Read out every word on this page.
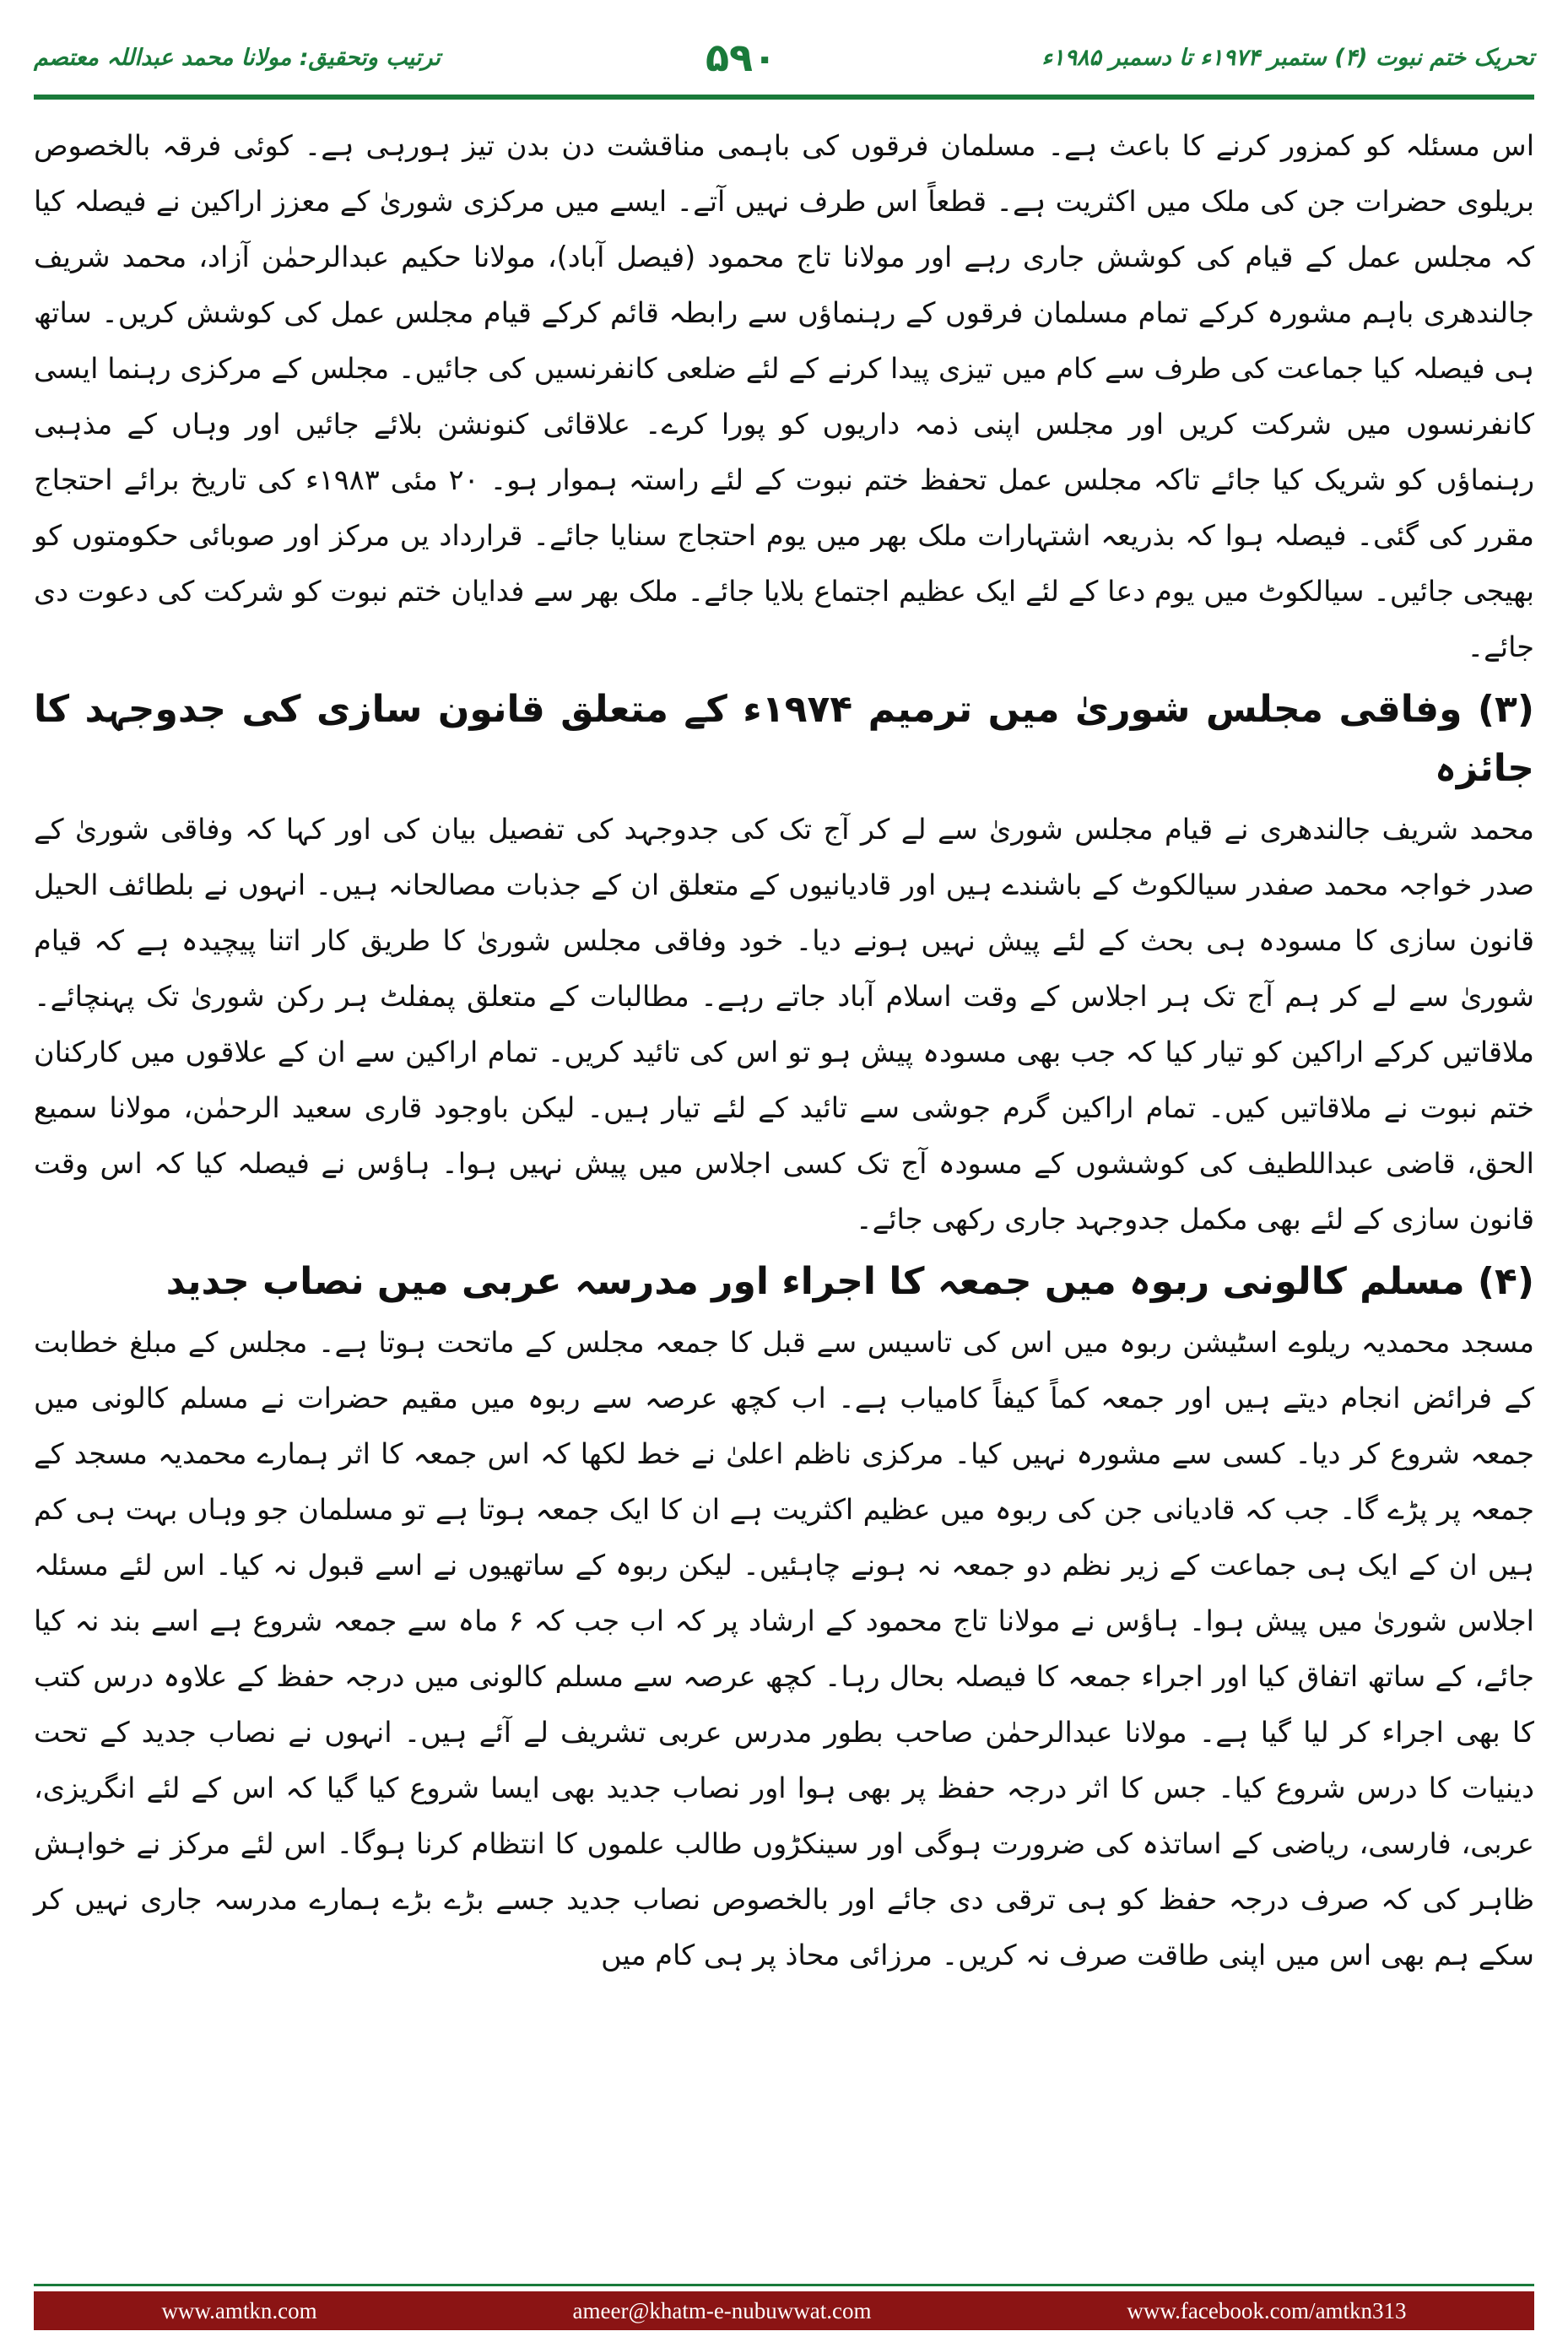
ترتیب وتحقیق: مولانا محمد عبداللہ معتصم	۵۹۰	تحریک ختم نبوت (۴) ستمبر ۱۹۷۴ء تا دسمبر ۱۹۸۵ء

اس مسئلہ کو کمزور کرنے کا باعث ہے۔ مسلمان فرقوں کی باہمی مناقشت دن بدن تیز ہورہی ہے۔ کوئی فرقہ بالخصوص بریلوی حضرات جن کی ملک میں اکثریت ہے۔ قطعاً اس طرف نہیں آتے۔ ایسے میں مرکزی شوریٰ کے معزز اراکین نے فیصلہ کیا کہ مجلس عمل کے قیام کی کوشش جاری رہے اور مولانا تاج محمود (فیصل آباد)، مولانا حکیم عبدالرحمٰن آزاد، محمد شریف جالندھری باہم مشورہ کرکے تمام مسلمان فرقوں کے رہنماؤں سے رابطہ قائم کرکے قیام مجلس عمل کی کوشش کریں۔ ساتھ ہی فیصلہ کیا جماعت کی طرف سے کام میں تیزی پیدا کرنے کے لئے ضلعی کانفرنسیں کی جائیں۔ مجلس کے مرکزی رہنما ایسی کانفرنسوں میں شرکت کریں اور مجلس اپنی ذمہ داریوں کو پورا کرے۔ علاقائی کنونشن بلائے جائیں اور وہاں کے مذہبی رہنماؤں کو شریک کیا جائے تاکہ مجلس عمل تحفظ ختم نبوت کے لئے راستہ ہموار ہو۔ ۲۰ مئی ۱۹۸۳ء کی تاریخ برائے احتجاج مقرر کی گئی۔ فیصلہ ہوا کہ بذریعہ اشتہارات ملک بھر میں یوم احتجاج سنایا جائے۔ قرارداد یں مرکز اور صوبائی حکومتوں کو بھیجی جائیں۔ سیالکوٹ میں یوم دعا کے لئے ایک عظیم اجتماع بلایا جائے۔ ملک بھر سے فدایان ختم نبوت کو شرکت کی دعوت دی جائے۔

(۳) وفاقی مجلس شوریٰ میں ترمیم ۱۹۷۴ء کے متعلق قانون سازی کی جدوجہد کا جائزہ

محمد شریف جالندھری نے قیام مجلس شوریٰ سے لے کر آج تک کی جدوجہد کی تفصیل بیان کی اور کہا کہ وفاقی شوریٰ کے صدر خواجہ محمد صفدر سیالکوٹ کے باشندے ہیں اور قادیانیوں کے متعلق ان کے جذبات مصالحانہ ہیں۔ انہوں نے بلطائف الحیل قانون سازی کا مسودہ ہی بحث کے لئے پیش نہیں ہونے دیا۔ خود وفاقی مجلس شوریٰ کا طریق کار اتنا پیچیدہ ہے کہ قیام شوریٰ سے لے کر ہم آج تک ہر اجلاس کے وقت اسلام آباد جاتے رہے۔ مطالبات کے متعلق پمفلٹ ہر رکن شوریٰ تک پہنچائے۔ ملاقاتیں کرکے اراکین کو تیار کیا کہ جب بھی مسودہ پیش ہو تو اس کی تائید کریں۔ تمام اراکین سے ان کے علاقوں میں کارکنان ختم نبوت نے ملاقاتیں کیں۔ تمام اراکین گرم جوشی سے تائید کے لئے تیار ہیں۔ لیکن باوجود قاری سعید الرحمٰن، مولانا سمیع الحق، قاضی عبداللطیف کی کوششوں کے مسودہ آج تک کسی اجلاس میں پیش نہیں ہوا۔ ہاؤس نے فیصلہ کیا کہ اس وقت قانون سازی کے لئے بھی مکمل جدوجہد جاری رکھی جائے۔

(۴) مسلم کالونی ربوہ میں جمعہ کا اجراء اور مدرسہ عربی میں نصاب جدید

مسجد محمدیہ ریلوے اسٹیشن ربوہ میں اس کی تاسیس سے قبل کا جمعہ مجلس کے ماتحت ہوتا ہے۔ مجلس کے مبلغ خطابت کے فرائض انجام دیتے ہیں اور جمعہ کماً کیفاً کامیاب ہے۔ اب کچھ عرصہ سے ربوہ میں مقیم حضرات نے مسلم کالونی میں جمعہ شروع کر دیا۔ کسی سے مشورہ نہیں کیا۔ مرکزی ناظم اعلیٰ نے خط لکھا کہ اس جمعہ کا اثر ہمارے محمدیہ مسجد کے جمعہ پر پڑے گا۔ جب کہ قادیانی جن کی ربوہ میں عظیم اکثریت ہے ان کا ایک جمعہ ہوتا ہے تو مسلمان جو وہاں بہت ہی کم ہیں ان کے ایک ہی جماعت کے زیر نظم دو جمعہ نہ ہونے چاہئیں۔ لیکن ربوہ کے ساتھیوں نے اسے قبول نہ کیا۔ اس لئے مسئلہ اجلاس شوریٰ میں پیش ہوا۔ ہاؤس نے مولانا تاج محمود کے ارشاد پر کہ اب جب کہ ۶ ماہ سے جمعہ شروع ہے اسے بند نہ کیا جائے، کے ساتھ اتفاق کیا اور اجراء جمعہ کا فیصلہ بحال رہا۔ کچھ عرصہ سے مسلم کالونی میں درجہ حفظ کے علاوہ درس کتب کا بھی اجراء کر لیا گیا ہے۔ مولانا عبدالرحمٰن صاحب بطور مدرس عربی تشریف لے آئے ہیں۔ انہوں نے نصاب جدید کے تحت دینیات کا درس شروع کیا۔ جس کا اثر درجہ حفظ پر بھی ہوا اور نصاب جدید بھی ایسا شروع کیا گیا کہ اس کے لئے انگریزی، عربی، فارسی، ریاضی کے اساتذہ کی ضرورت ہوگی اور سینکڑوں طالب علموں کا انتظام کرنا ہوگا۔ اس لئے مرکز نے خواہش ظاہر کی کہ صرف درجہ حفظ کو ہی ترقی دی جائے اور بالخصوص نصاب جدید جسے بڑے بڑے ہمارے مدرسہ جاری نہیں کر سکے ہم بھی اس میں اپنی طاقت صرف نہ کریں۔ مرزائی محاذ پر ہی کام میں

www.amtkn.com	ameer@khatm-e-nubuwwat.com	www.facebook.com/amtkn313
